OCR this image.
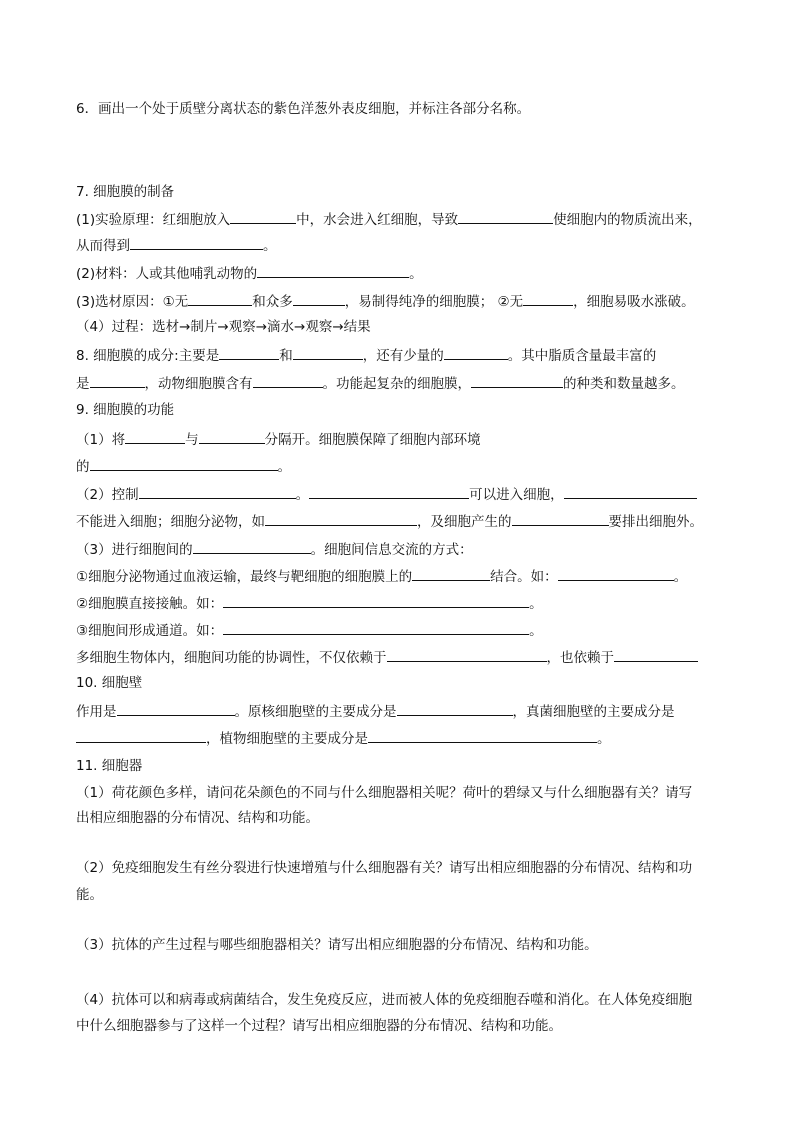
6．画出一个处于质壁分离状态的紫色洋葱外表皮细胞，并标注各部分名称。
7. 细胞膜的制备
(1)实验原理：红细胞放入	中，水会进入红细胞，导致	使细胞内的物质流出来，
从而得到	。
(2)材料：人或其他哺乳动物的	。
(3)选材原因：①无	和众多	，易制得纯净的细胞膜； ②无	，细胞易吸水涨破。
（4）过程：选材→制片→观察→滴水→观察→结果
8. 细胞膜的成分:主要是	和	，还有少量的	。其中脂质含量最丰富的
是	，动物细胞膜含有	。功能起复杂的细胞膜，	的种类和数量越多。
9. 细胞膜的功能
（1）将	与	分隔开。细胞膜保障了细胞内部环境
的	。
（2）控制	。	可以进入细胞，
不能进入细胞；细胞分泌物，如	，及细胞产生的	要排出细胞外。
（3）进行细胞间的	。细胞间信息交流的方式：
①细胞分泌物通过血液运输，最终与靶细胞的细胞膜上的	结合。如：	。
②细胞膜直接接触。如：	。
③细胞间形成通道。如：	。
多细胞生物体内，细胞间功能的协调性，不仅依赖于	，也依赖于
10. 细胞壁
作用是	。原核细胞壁的主要成分是	，真菌细胞壁的主要成分是
，植物细胞壁的主要成分是	。
11. 细胞器
（1）荷花颜色多样，请问花朵颜色的不同与什么细胞器相关呢？荷叶的碧绿又与什么细胞器有关？请写
出相应细胞器的分布情况、结构和功能。
（2）免疫细胞发生有丝分裂进行快速增殖与什么细胞器有关？请写出相应细胞器的分布情况、结构和功
能。
（3）抗体的产生过程与哪些细胞器相关？请写出相应细胞器的分布情况、结构和功能。
（4）抗体可以和病毒或病菌结合，发生免疫反应，进而被人体的免疫细胞吞噬和消化。在人体免疫细胞
中什么细胞器参与了这样一个过程？请写出相应细胞器的分布情况、结构和功能。
